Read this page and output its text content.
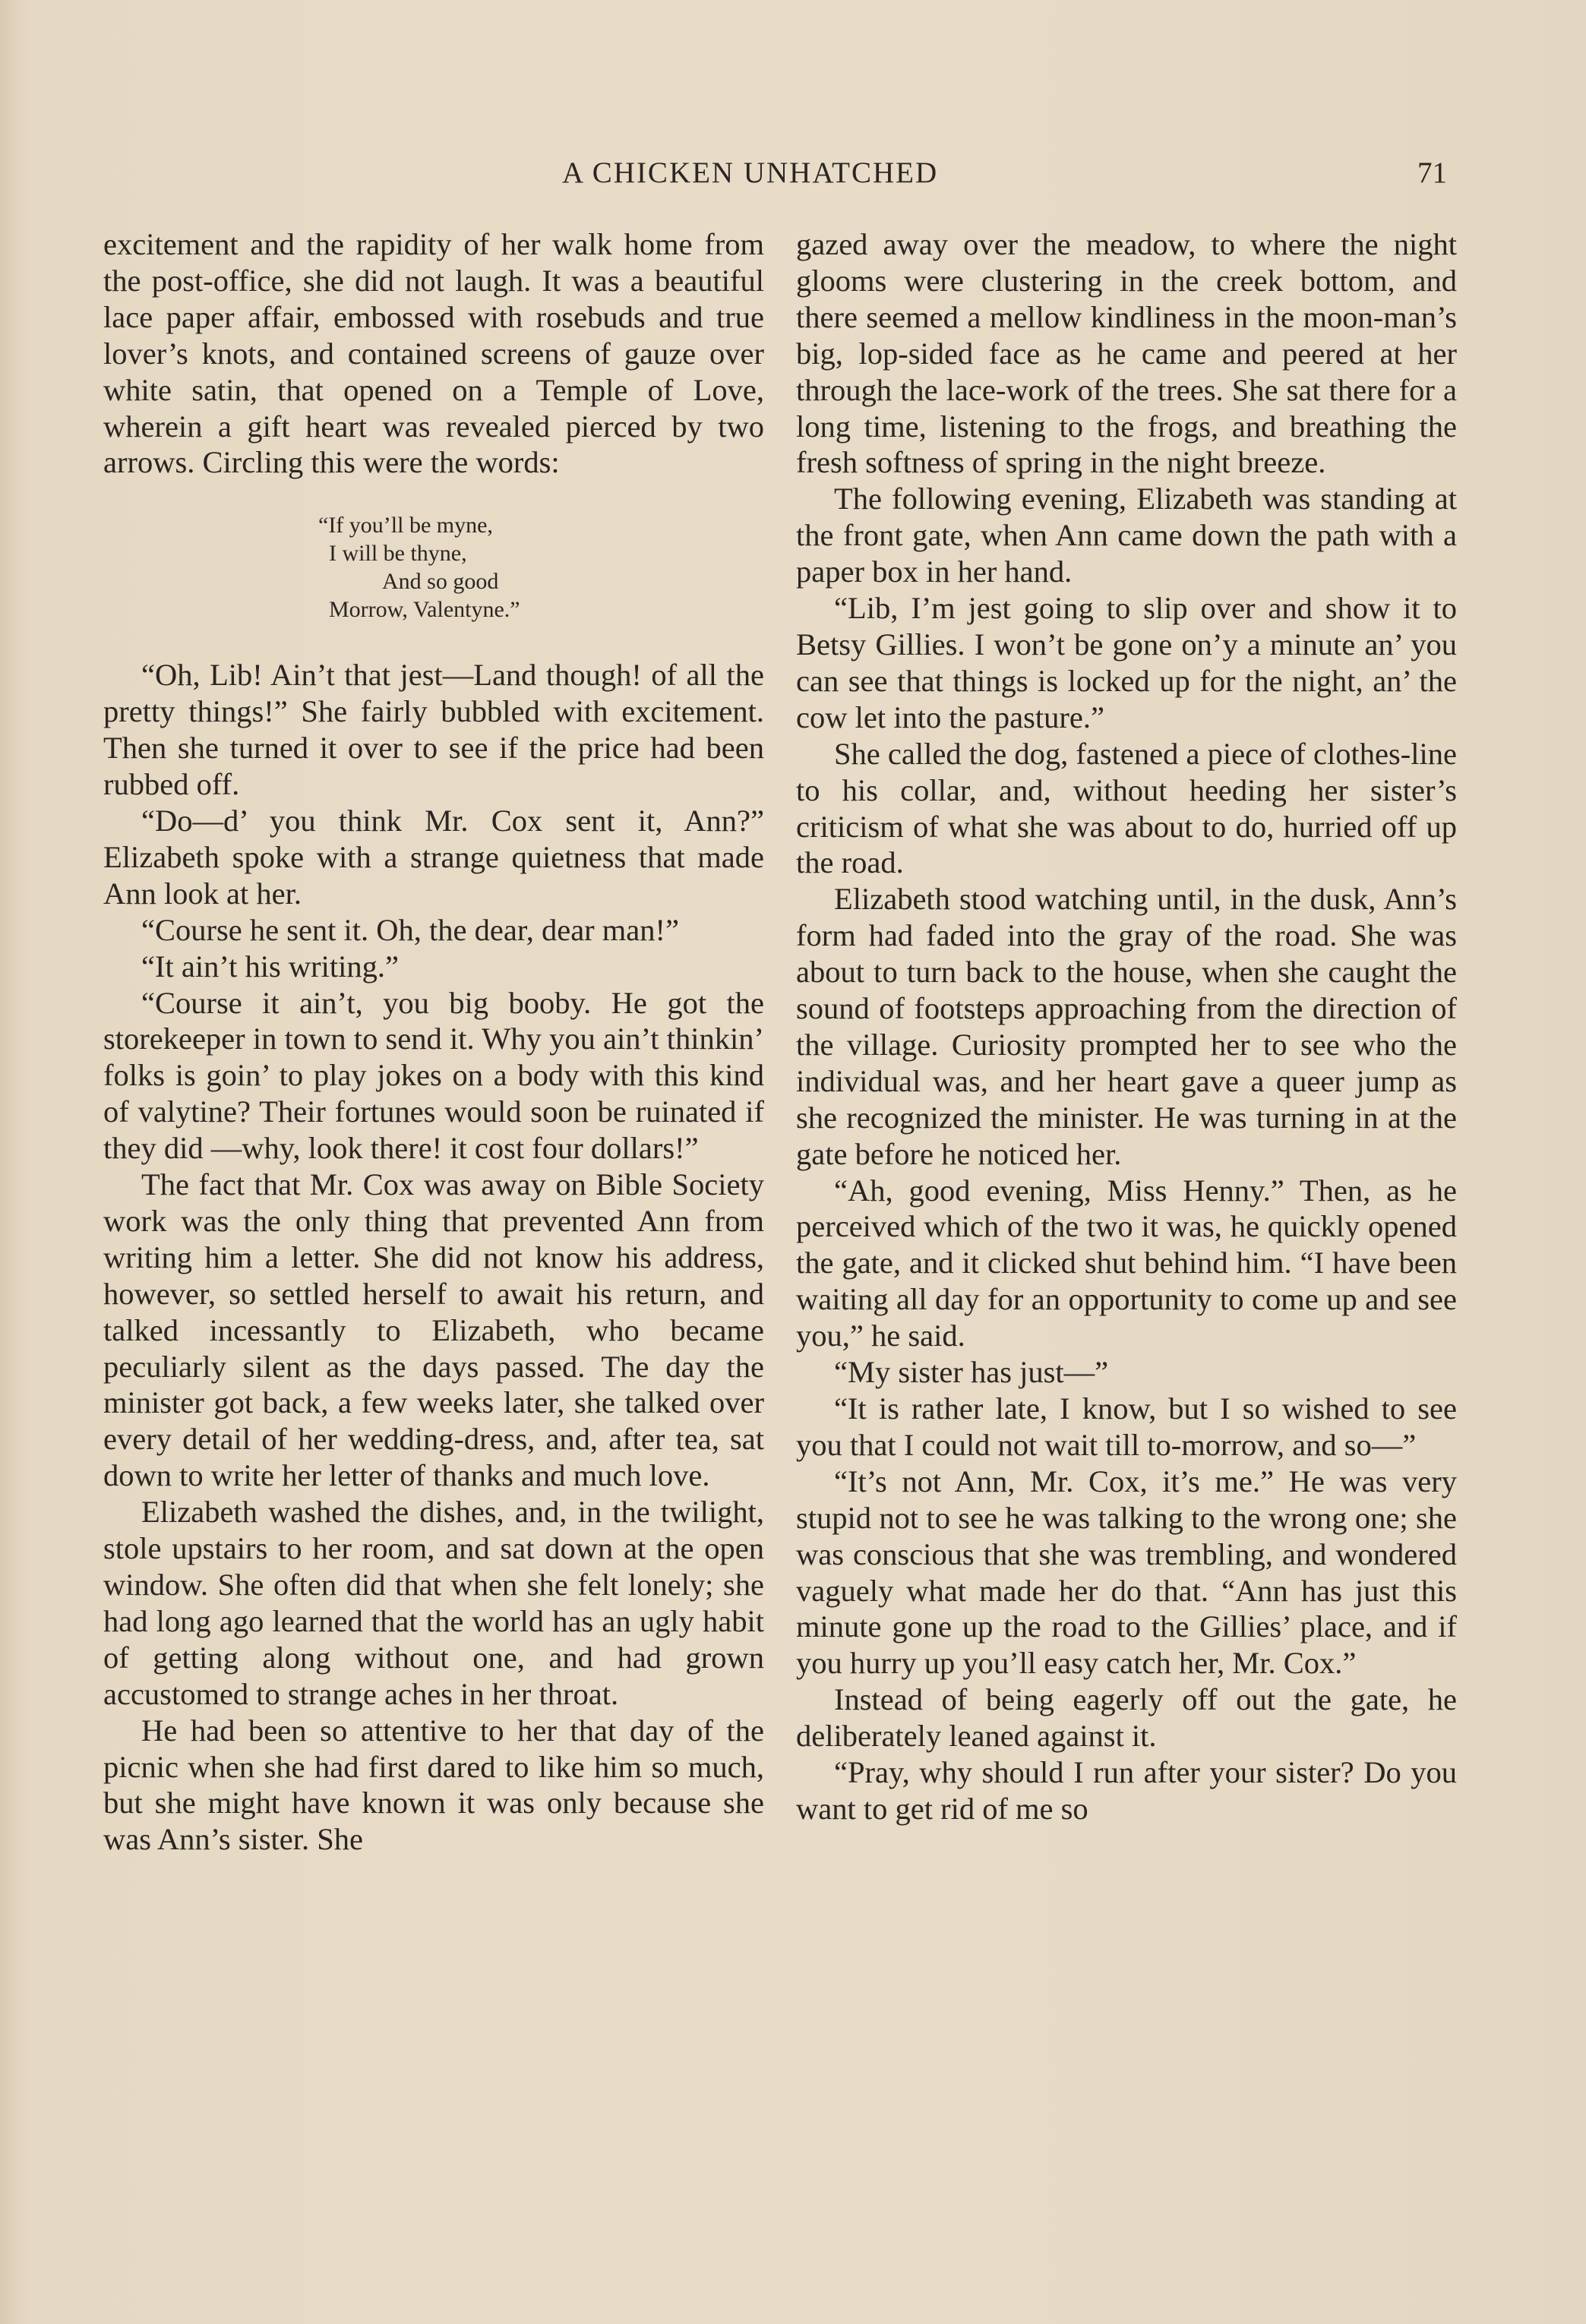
A CHICKEN UNHATCHED	71

excitement and the rapidity of her walk home from the post-office, she did not laugh. It was a beautiful lace paper affair, embossed with rosebuds and true lover’s knots, and contained screens of gauze over white satin, that opened on a Temple of Love, wherein a gift heart was revealed pierced by two arrows. Circling this were the words:

“If you’ll be myne,
I will be thyne,
And so good
Morrow, Valentyne.”

“Oh, Lib! Ain’t that jest—Land though! of all the pretty things!” She fairly bubbled with excitement. Then she turned it over to see if the price had been rubbed off.

“Do—d’ you think Mr. Cox sent it, Ann?” Elizabeth spoke with a strange quietness that made Ann look at her.

“Course he sent it. Oh, the dear, dear man!”

“It ain’t his writing.”

“Course it ain’t, you big booby. He got the storekeeper in town to send it. Why you ain’t thinkin’ folks is goin’ to play jokes on a body with this kind of valytine? Their fortunes would soon be ruinated if they did —why, look there! it cost four dollars!”

The fact that Mr. Cox was away on Bible Society work was the only thing that prevented Ann from writing him a letter. She did not know his address, however, so settled herself to await his return, and talked incessantly to Elizabeth, who became peculiarly silent as the days passed. The day the minister got back, a few weeks later, she talked over every detail of her wedding-dress, and, after tea, sat down to write her letter of thanks and much love.

Elizabeth washed the dishes, and, in the twilight, stole upstairs to her room, and sat down at the open window. She often did that when she felt lonely; she had long ago learned that the world has an ugly habit of getting along without one, and had grown accustomed to strange aches in her throat.

He had been so attentive to her that day of the picnic when she had first dared to like him so much, but she might have known it was only because she was Ann’s sister. She

gazed away over the meadow, to where the night glooms were clustering in the creek bottom, and there seemed a mellow kindliness in the moon-man’s big, lop-sided face as he came and peered at her through the lace-work of the trees. She sat there for a long time, listening to the frogs, and breathing the fresh softness of spring in the night breeze.

The following evening, Elizabeth was standing at the front gate, when Ann came down the path with a paper box in her hand.

“Lib, I’m jest going to slip over and show it to Betsy Gillies. I won’t be gone on’y a minute an’ you can see that things is locked up for the night, an’ the cow let into the pasture.”

She called the dog, fastened a piece of clothes-line to his collar, and, without heeding her sister’s criticism of what she was about to do, hurried off up the road.

Elizabeth stood watching until, in the dusk, Ann’s form had faded into the gray of the road. She was about to turn back to the house, when she caught the sound of footsteps approaching from the direction of the village. Curiosity prompted her to see who the individual was, and her heart gave a queer jump as she recognized the minister. He was turning in at the gate before he noticed her.

“Ah, good evening, Miss Henny.” Then, as he perceived which of the two it was, he quickly opened the gate, and it clicked shut behind him. “I have been waiting all day for an opportunity to come up and see you,” he said.

“My sister has just—”

“It is rather late, I know, but I so wished to see you that I could not wait till to-morrow, and so—”

“It’s not Ann, Mr. Cox, it’s me.” He was very stupid not to see he was talking to the wrong one; she was conscious that she was trembling, and wondered vaguely what made her do that. “Ann has just this minute gone up the road to the Gillies’ place, and if you hurry up you’ll easy catch her, Mr. Cox.”

Instead of being eagerly off out the gate, he deliberately leaned against it.

“Pray, why should I run after your sister? Do you want to get rid of me so
